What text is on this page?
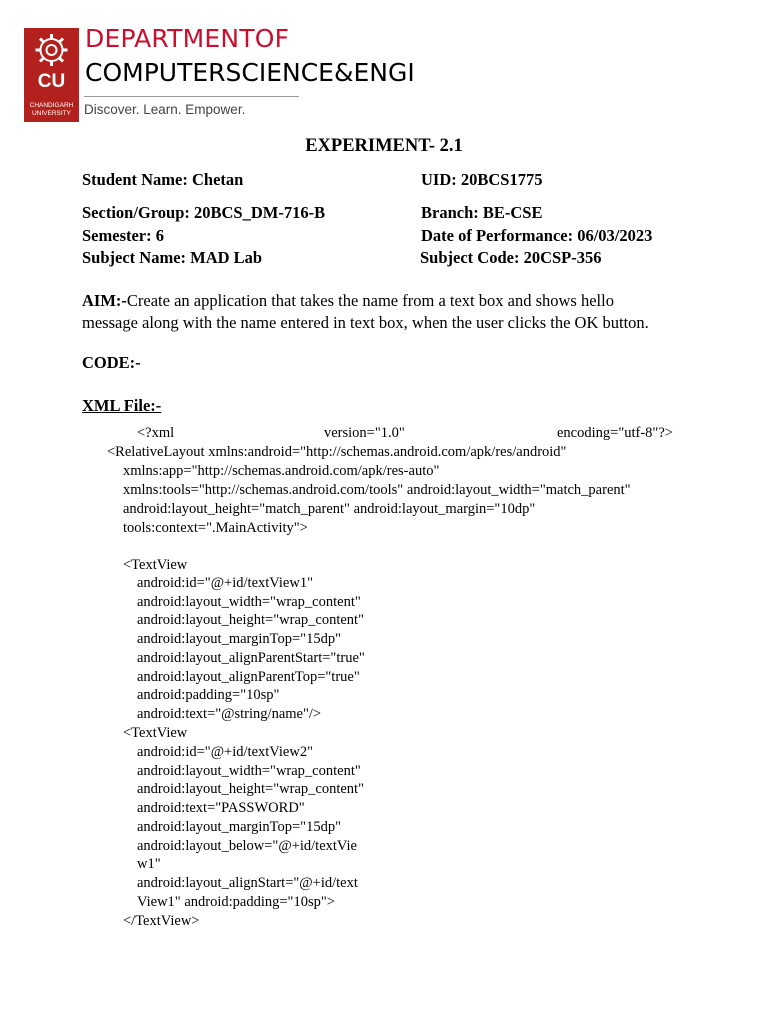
CU
CHANDIGARH
UNIVERSITY
DEPARTMENTOF
COMPUTERSCIENCE&ENGI
Discover. Learn. Empower.
EXPERIMENT- 2.1
Student Name: Chetan	UID: 20BCS1775
Section/Group: 20BCS_DM-716-B	Branch: BE-CSE
Semester: 6	Date of Performance: 06/03/2023
Subject Name: MAD Lab	Subject Code: 20CSP-356
AIM:-Create an application that takes the name from a text box and shows hello
message along with the name entered in text box, when the user clicks the OK button.
CODE:-
XML File:-
<?xml	version="1.0"	encoding="utf-8"?>
<RelativeLayout xmlns:android="http://schemas.android.com/apk/res/android"
xmlns:app="http://schemas.android.com/apk/res-auto"
xmlns:tools="http://schemas.android.com/tools" android:layout_width="match_parent"
android:layout_height="match_parent" android:layout_margin="10dp"
tools:context=".MainActivity">
<TextView
android:id="@+id/textView1"
android:layout_width="wrap_content"
android:layout_height="wrap_content"
android:layout_marginTop="15dp"
android:layout_alignParentStart="true"
android:layout_alignParentTop="true"
android:padding="10sp"
android:text="@string/name"/>
<TextView
android:id="@+id/textView2"
android:layout_width="wrap_content"
android:layout_height="wrap_content"
android:text="PASSWORD"
android:layout_marginTop="15dp"
android:layout_below="@+id/textVie
w1"
android:layout_alignStart="@+id/text
View1" android:padding="10sp">
</TextView>
